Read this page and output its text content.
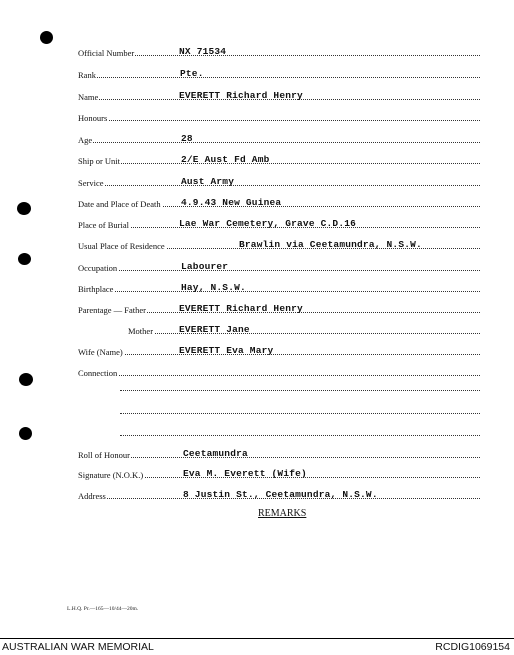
Official Number	NX 71534
Rank	Pte.
Name	EVERETT Richard Henry
Honours
Age	28
Ship or Unit	2/E Aust Fd Amb
Service	Aust Army
Date and Place of Death 4.9.43 New Guinea
Place of Burial	Lae War Cemetery, Grave C.D.16
Usual Place of Residence	Brawlin via Ceetamundra, N.S.W.
Occupation	Labourer
Birthplace	Hay, N.S.W.
Parentage — Father	EVERETT Richard Henry
Mother	EVERETT Jane
Wife (Name)	EVERETT Eva Mary
Connection
Roll of Honour	Ceetamundra
Signature (N.O.K.)	Eva M. Everett (Wife)
Address	8 Justin St., Ceetamundra, N.S.W.
REMARKS
L.H.Q. Pr.—165—10/44—20m.
AUSTRALIAN WAR MEMORIAL	RCDIG1069154
